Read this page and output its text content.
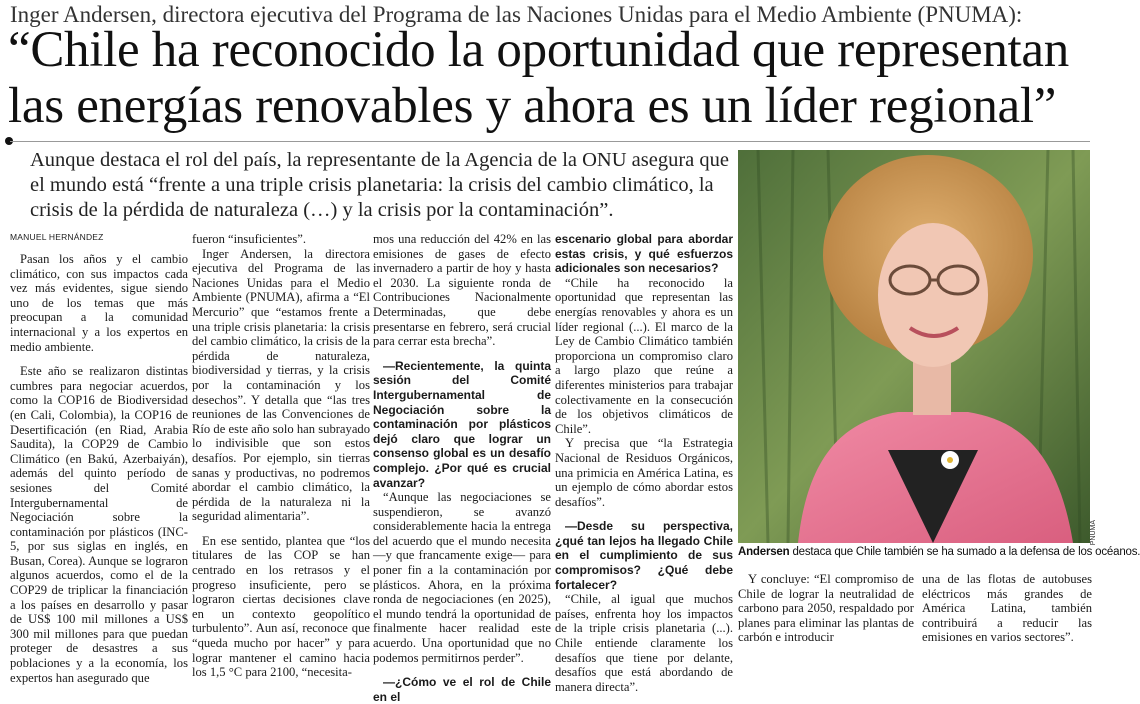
Inger Andersen, directora ejecutiva del Programa de las Naciones Unidas para el Medio Ambiente (PNUMA):
“Chile ha reconocido la oportunidad que representan las energías renovables y ahora es un líder regional”

Aunque destaca el rol del país, la representante de la Agencia de la ONU asegura que el mundo está “frente a una triple crisis planetaria: la crisis del cambio climático, la crisis de la pérdida de naturaleza (…) y la crisis por la contaminación”.

MANUEL HERNÁNDEZ

Pasan los años y el cambio climático, con sus impactos cada vez más evidentes, sigue siendo uno de los temas que más preocupan a la comunidad internacional y a los expertos en medio ambiente.

Este año se realizaron distintas cumbres para negociar acuerdos, como la COP16 de Biodiversidad (en Cali, Colombia), la COP16 de Desertificación (en Riad, Arabia Saudita), la COP29 de Cambio Climático (en Bakú, Azerbaiyán), además del quinto período de sesiones del Comité Intergubernamental de Negociación sobre la contaminación por plásticos (INC-5, por sus siglas en inglés, en Busan, Corea). Aunque se lograron algunos acuerdos, como el de la COP29 de triplicar la financiación a los países en desarrollo y pasar de US$ 100 mil millones a US$ 300 mil millones para que puedan proteger de desastres a sus poblaciones y a la economía, los expertos han asegurado que

fueron “insuficientes”.

Inger Andersen, la directora ejecutiva del Programa de las Naciones Unidas para el Medio Ambiente (PNUMA), afirma a “El Mercurio” que “estamos frente a una triple crisis planetaria: la crisis del cambio climático, la crisis de la pérdida de naturaleza, biodiversidad y tierras, y la crisis por la contaminación y los desechos”. Y detalla que “las tres reuniones de las Convenciones de Río de este año solo han subrayado lo indivisible que son estos desafíos. Por ejemplo, sin tierras sanas y productivas, no podremos abordar el cambio climático, la pérdida de la naturaleza ni la seguridad alimentaria”.

En ese sentido, plantea que “los titulares de las COP se han centrado en los retrasos y el progreso insuficiente, pero se lograron ciertas decisiones clave en un contexto geopolítico turbulento”. Aun así, reconoce que “queda mucho por hacer” y para lograr mantener el camino hacia los 1,5 °C para 2100, “necesita-

mos una reducción del 42% en las emisiones de gases de efecto invernadero a partir de hoy y hasta el 2030. La siguiente ronda de Contribuciones Nacionalmente Determinadas, que debe presentarse en febrero, será crucial para cerrar esta brecha”.

—Recientemente, la quinta sesión del Comité Intergubernamental de Negociación sobre la contaminación por plásticos dejó claro que lograr un consenso global es un desafío complejo. ¿Por qué es crucial avanzar?

“Aunque las negociaciones se suspendieron, se avanzó considerablemente hacia la entrega del acuerdo que el mundo necesita —y que francamente exige— para poner fin a la contaminación por plásticos. Ahora, en la próxima ronda de negociaciones (en 2025), el mundo tendrá la oportunidad de finalmente hacer realidad este acuerdo. Una oportunidad que no podemos permitirnos perder”.

—¿Cómo ve el rol de Chile en el

escenario global para abordar estas crisis, y qué esfuerzos adicionales son necesarios?

“Chile ha reconocido la oportunidad que representan las energías renovables y ahora es un líder regional (...). El marco de la Ley de Cambio Climático también proporciona un compromiso claro a largo plazo que reúne a diferentes ministerios para trabajar colectivamente en la consecución de los objetivos climáticos de Chile”.

Y precisa que “la Estrategia Nacional de Residuos Orgánicos, una primicia en América Latina, es un ejemplo de cómo abordar estos desafíos”.

—Desde su perspectiva, ¿qué tan lejos ha llegado Chile en el cumplimiento de sus compromisos? ¿Qué debe fortalecer?

“Chile, al igual que muchos países, enfrenta hoy los impactos de la triple crisis planetaria (...). Chile entiende claramente los desafíos que tiene por delante, desafíos que está abordando de manera directa”.

PNUMA
Andersen destaca que Chile también se ha sumado a la defensa de los océanos.

Y concluye: “El compromiso de Chile de lograr la neutralidad de carbono para 2050, respaldado por planes para eliminar las plantas de carbón e introducir

una de las flotas de autobuses eléctricos más grandes de América Latina, también contribuirá a reducir las emisiones en varios sectores”.
